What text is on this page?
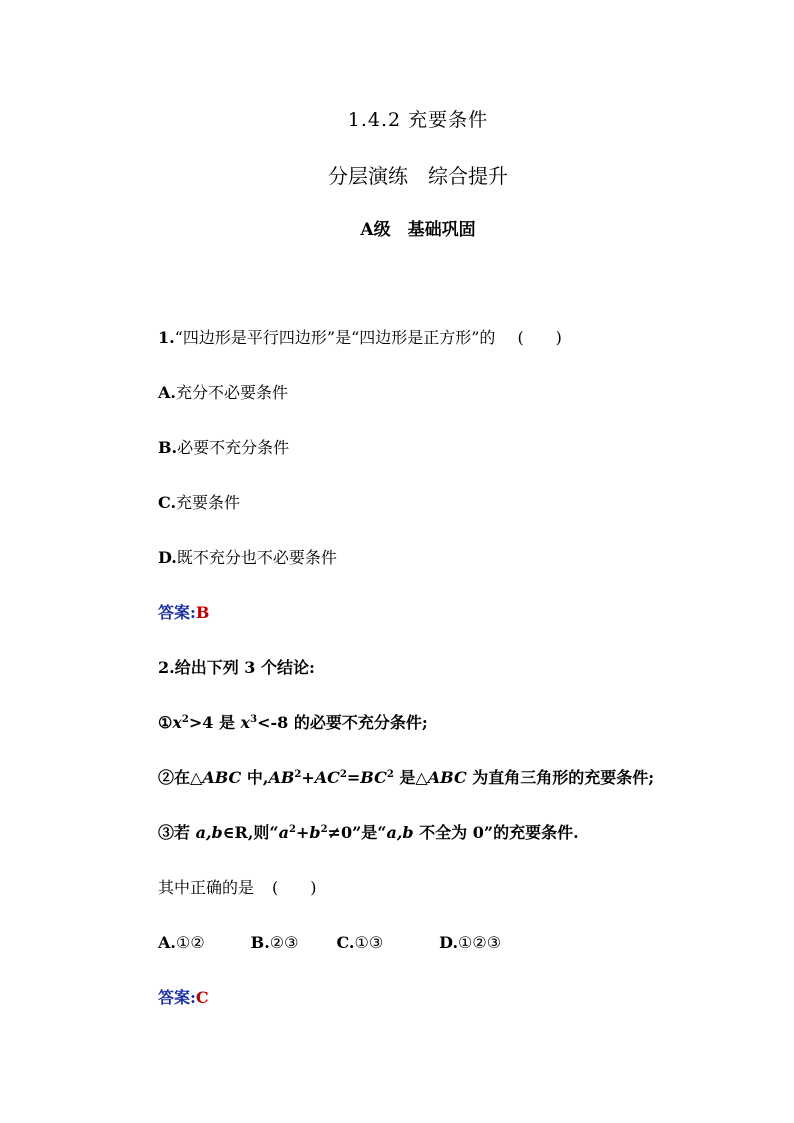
1.4.2 充要条件
分层演练　综合提升
A级　基础巩固
1.“四边形是平行四边形”是“四边形是正方形”的 (　　)
A.充分不必要条件
B.必要不充分条件
C.充要条件
D.既不充分也不必要条件
答案:B
2.给出下列 3 个结论:
$①x^2>4$ 是 $x^3<-8$ 的必要不充分条件;
②在△ABC 中$,AB^2+AC^2=BC^2$ 是△ABC 为直角三角形的充要条件;
③若 a,b∈R,则“$a^2+b^2\ne 0$”是“a,b 不全为 0”的充要条件.
其中正确的是 (　　)
A.①②	B.②③ C.①③	D.①②③
答案:C
